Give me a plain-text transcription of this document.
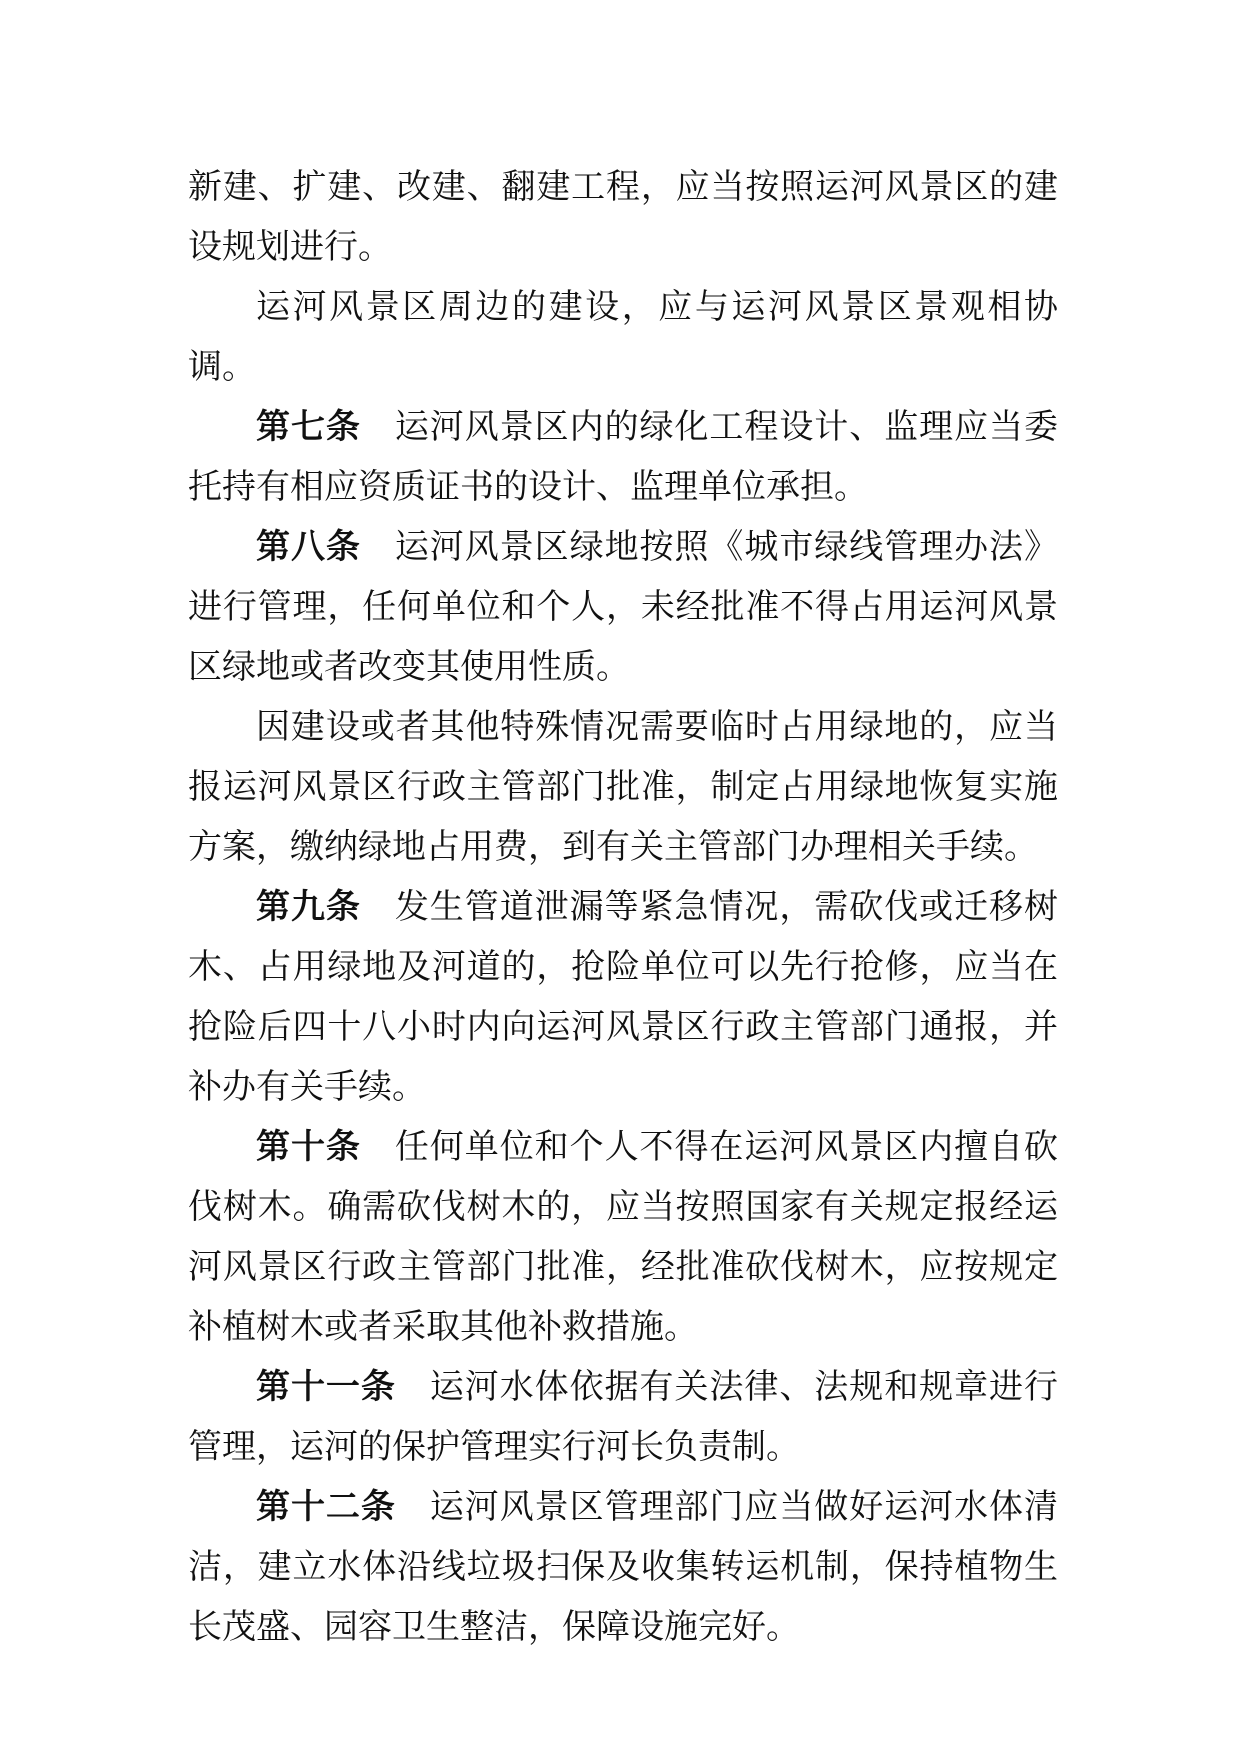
新建、扩建、改建、翻建工程，应当按照运河风景区的建设规划进行。

运河风景区周边的建设，应与运河风景区景观相协调。

第七条 运河风景区内的绿化工程设计、监理应当委托持有相应资质证书的设计、监理单位承担。

第八条 运河风景区绿地按照《城市绿线管理办法》进行管理，任何单位和个人，未经批准不得占用运河风景区绿地或者改变其使用性质。

因建设或者其他特殊情况需要临时占用绿地的，应当报运河风景区行政主管部门批准，制定占用绿地恢复实施方案，缴纳绿地占用费，到有关主管部门办理相关手续。

第九条 发生管道泄漏等紧急情况，需砍伐或迁移树木、占用绿地及河道的，抢险单位可以先行抢修，应当在抢险后四十八小时内向运河风景区行政主管部门通报，并补办有关手续。

第十条 任何单位和个人不得在运河风景区内擅自砍伐树木。确需砍伐树木的，应当按照国家有关规定报经运河风景区行政主管部门批准，经批准砍伐树木，应按规定补植树木或者采取其他补救措施。

第十一条 运河水体依据有关法律、法规和规章进行管理，运河的保护管理实行河长负责制。

第十二条 运河风景区管理部门应当做好运河水体清洁，建立水体沿线垃圾扫保及收集转运机制，保持植物生长茂盛、园容卫生整洁，保障设施完好。
